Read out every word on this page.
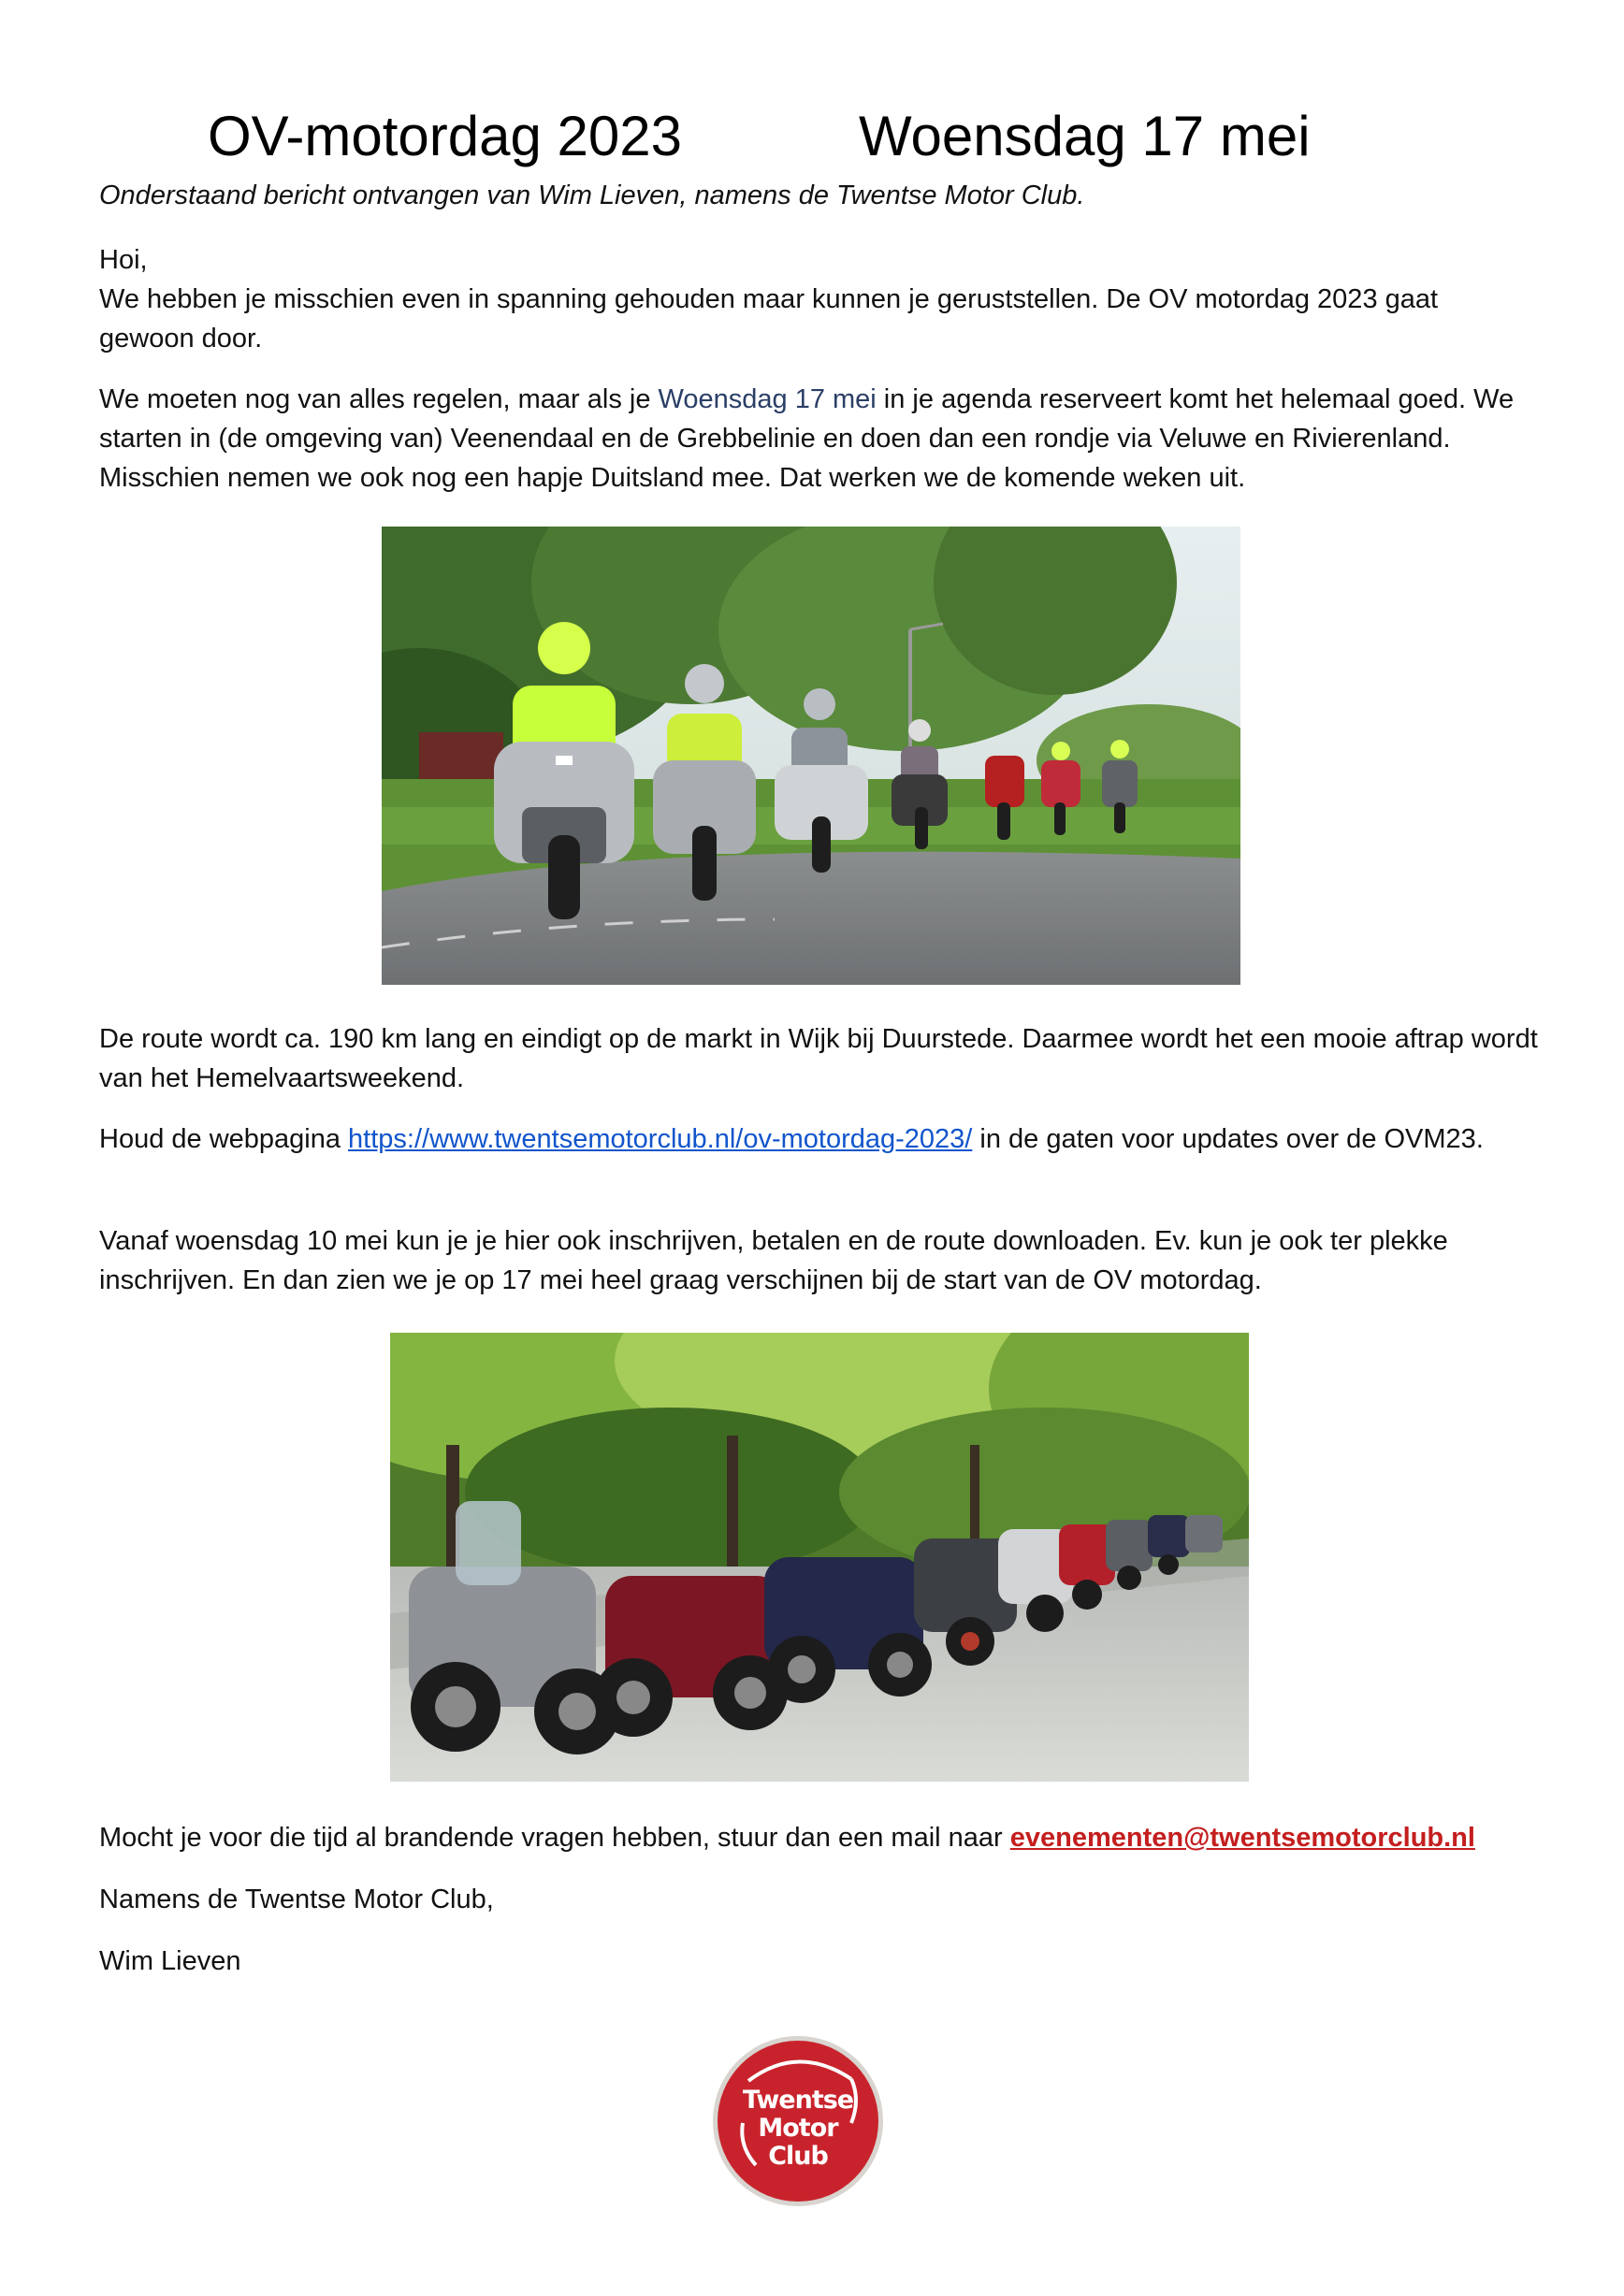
OV-motordag 2023	Woensdag 17 mei

Onderstaand bericht ontvangen van Wim Lieven, namens de Twentse Motor Club.

Hoi,

We hebben je misschien even in spanning gehouden maar kunnen je geruststellen. De OV motordag 2023 gaat gewoon door.

We moeten nog van alles regelen, maar als je Woensdag 17 mei in je agenda reserveert komt het helemaal goed. We starten in (de omgeving van) Veenendaal en de Grebbelinie en doen dan een rondje via Veluwe en Rivierenland. Misschien nemen we ook nog een hapje Duitsland mee. Dat werken we de komende weken uit.

De route wordt ca. 190 km lang en eindigt op de markt in Wijk bij Duurstede. Daarmee wordt het een mooie aftrap wordt van het Hemelvaartsweekend.

Houd de webpagina https://www.twentsemotorclub.nl/ov-motordag-2023/ in de gaten voor updates over de OVM23.

Vanaf woensdag 10 mei kun je je hier ook inschrijven, betalen en de route downloaden. Ev. kun je ook ter plekke inschrijven. En dan zien we je op 17 mei heel graag verschijnen bij de start van de OV motordag.

Mocht je voor die tijd al brandende vragen hebben, stuur dan een mail naar evenementen@twentsemotorclub.nl

Namens de Twentse Motor Club,

Wim Lieven

Twentse
Motor
Club
